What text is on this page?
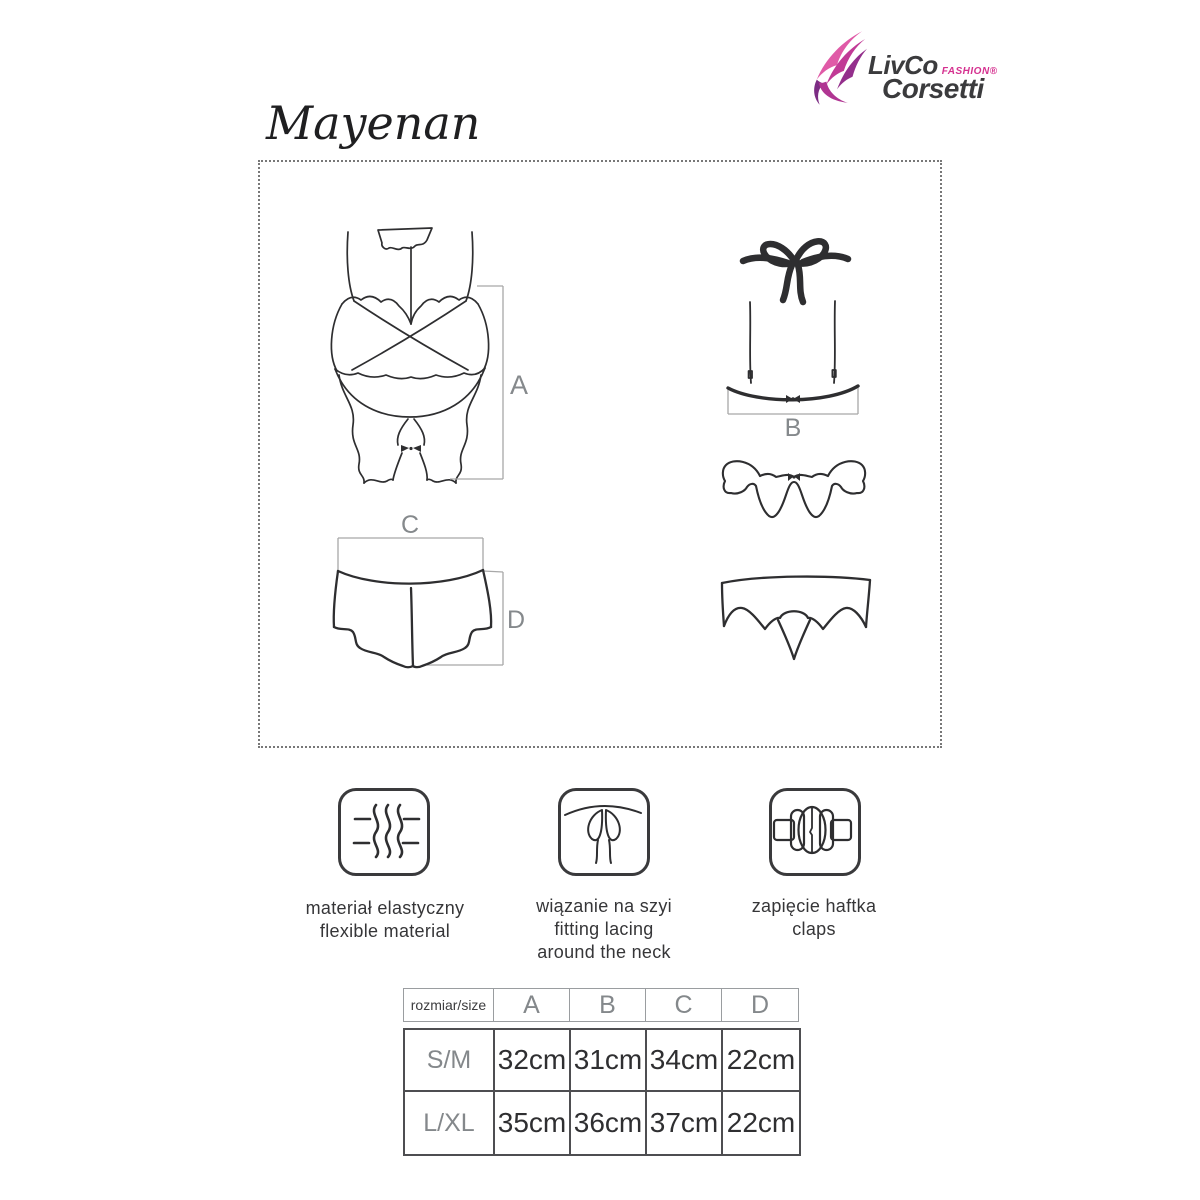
LivCo FASHION®
Corsetti
Mayenan
A
B
C
D
materiał elastyczny
flexible material
wiązanie na szyi
fitting lacing
around the neck
zapięcie haftka
claps
rozmiar/size	A	B	C	D
S/M 32cm 31cm 34cm 22cm
L/XL 35cm 36cm 37cm 22cm
